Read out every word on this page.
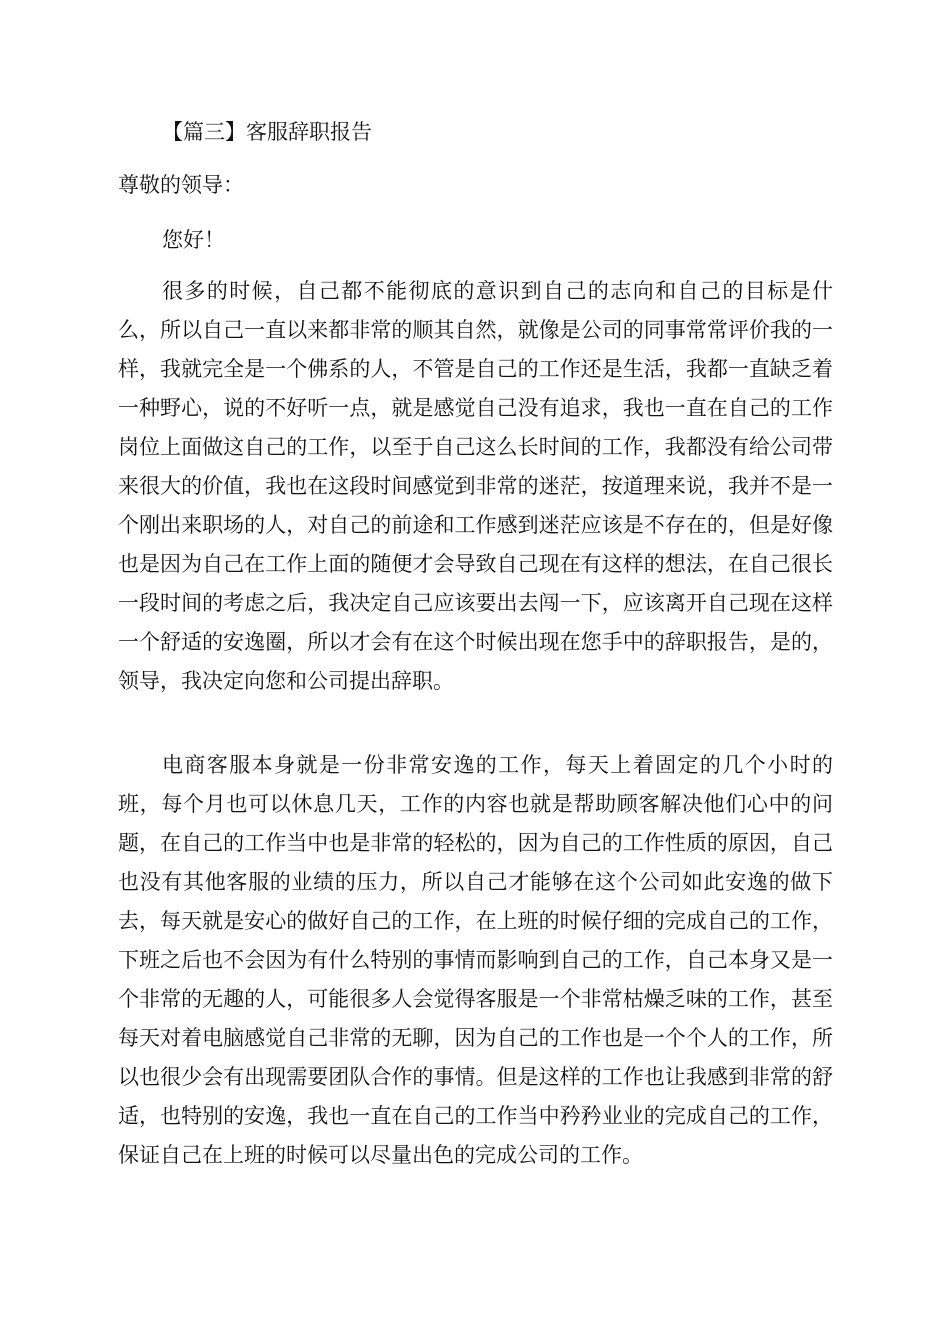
【篇三】客服辞职报告
尊敬的领导：
您好！

很多的时候，自己都不能彻底的意识到自己的志向和自己的目标是什么，所以自己一直以来都非常的顺其自然，就像是公司的同事常常评价我的一样，我就完全是一个佛系的人，不管是自己的工作还是生活，我都一直缺乏着一种野心，说的不好听一点，就是感觉自己没有追求，我也一直在自己的工作岗位上面做这自己的工作，以至于自己这么长时间的工作，我都没有给公司带来很大的价值，我也在这段时间感觉到非常的迷茫，按道理来说，我并不是一个刚出来职场的人，对自己的前途和工作感到迷茫应该是不存在的，但是好像也是因为自己在工作上面的随便才会导致自己现在有这样的想法，在自己很长一段时间的考虑之后，我决定自己应该要出去闯一下，应该离开自己现在这样一个舒适的安逸圈，所以才会有在这个时候出现在您手中的辞职报告，是的，领导，我决定向您和公司提出辞职。

电商客服本身就是一份非常安逸的工作，每天上着固定的几个小时的班，每个月也可以休息几天，工作的内容也就是帮助顾客解决他们心中的问题，在自己的工作当中也是非常的轻松的，因为自己的工作性质的原因，自己也没有其他客服的业绩的压力，所以自己才能够在这个公司如此安逸的做下去，每天就是安心的做好自己的工作，在上班的时候仔细的完成自己的工作，下班之后也不会因为有什么特别的事情而影响到自己的工作，自己本身又是一个非常的无趣的人，可能很多人会觉得客服是一个非常枯燥乏味的工作，甚至每天对着电脑感觉自己非常的无聊，因为自己的工作也是一个个人的工作，所以也很少会有出现需要团队合作的事情。但是这样的工作也让我感到非常的舒适，也特别的安逸，我也一直在自己的工作当中矜矜业业的完成自己的工作，保证自己在上班的时候可以尽量出色的完成公司的工作。
